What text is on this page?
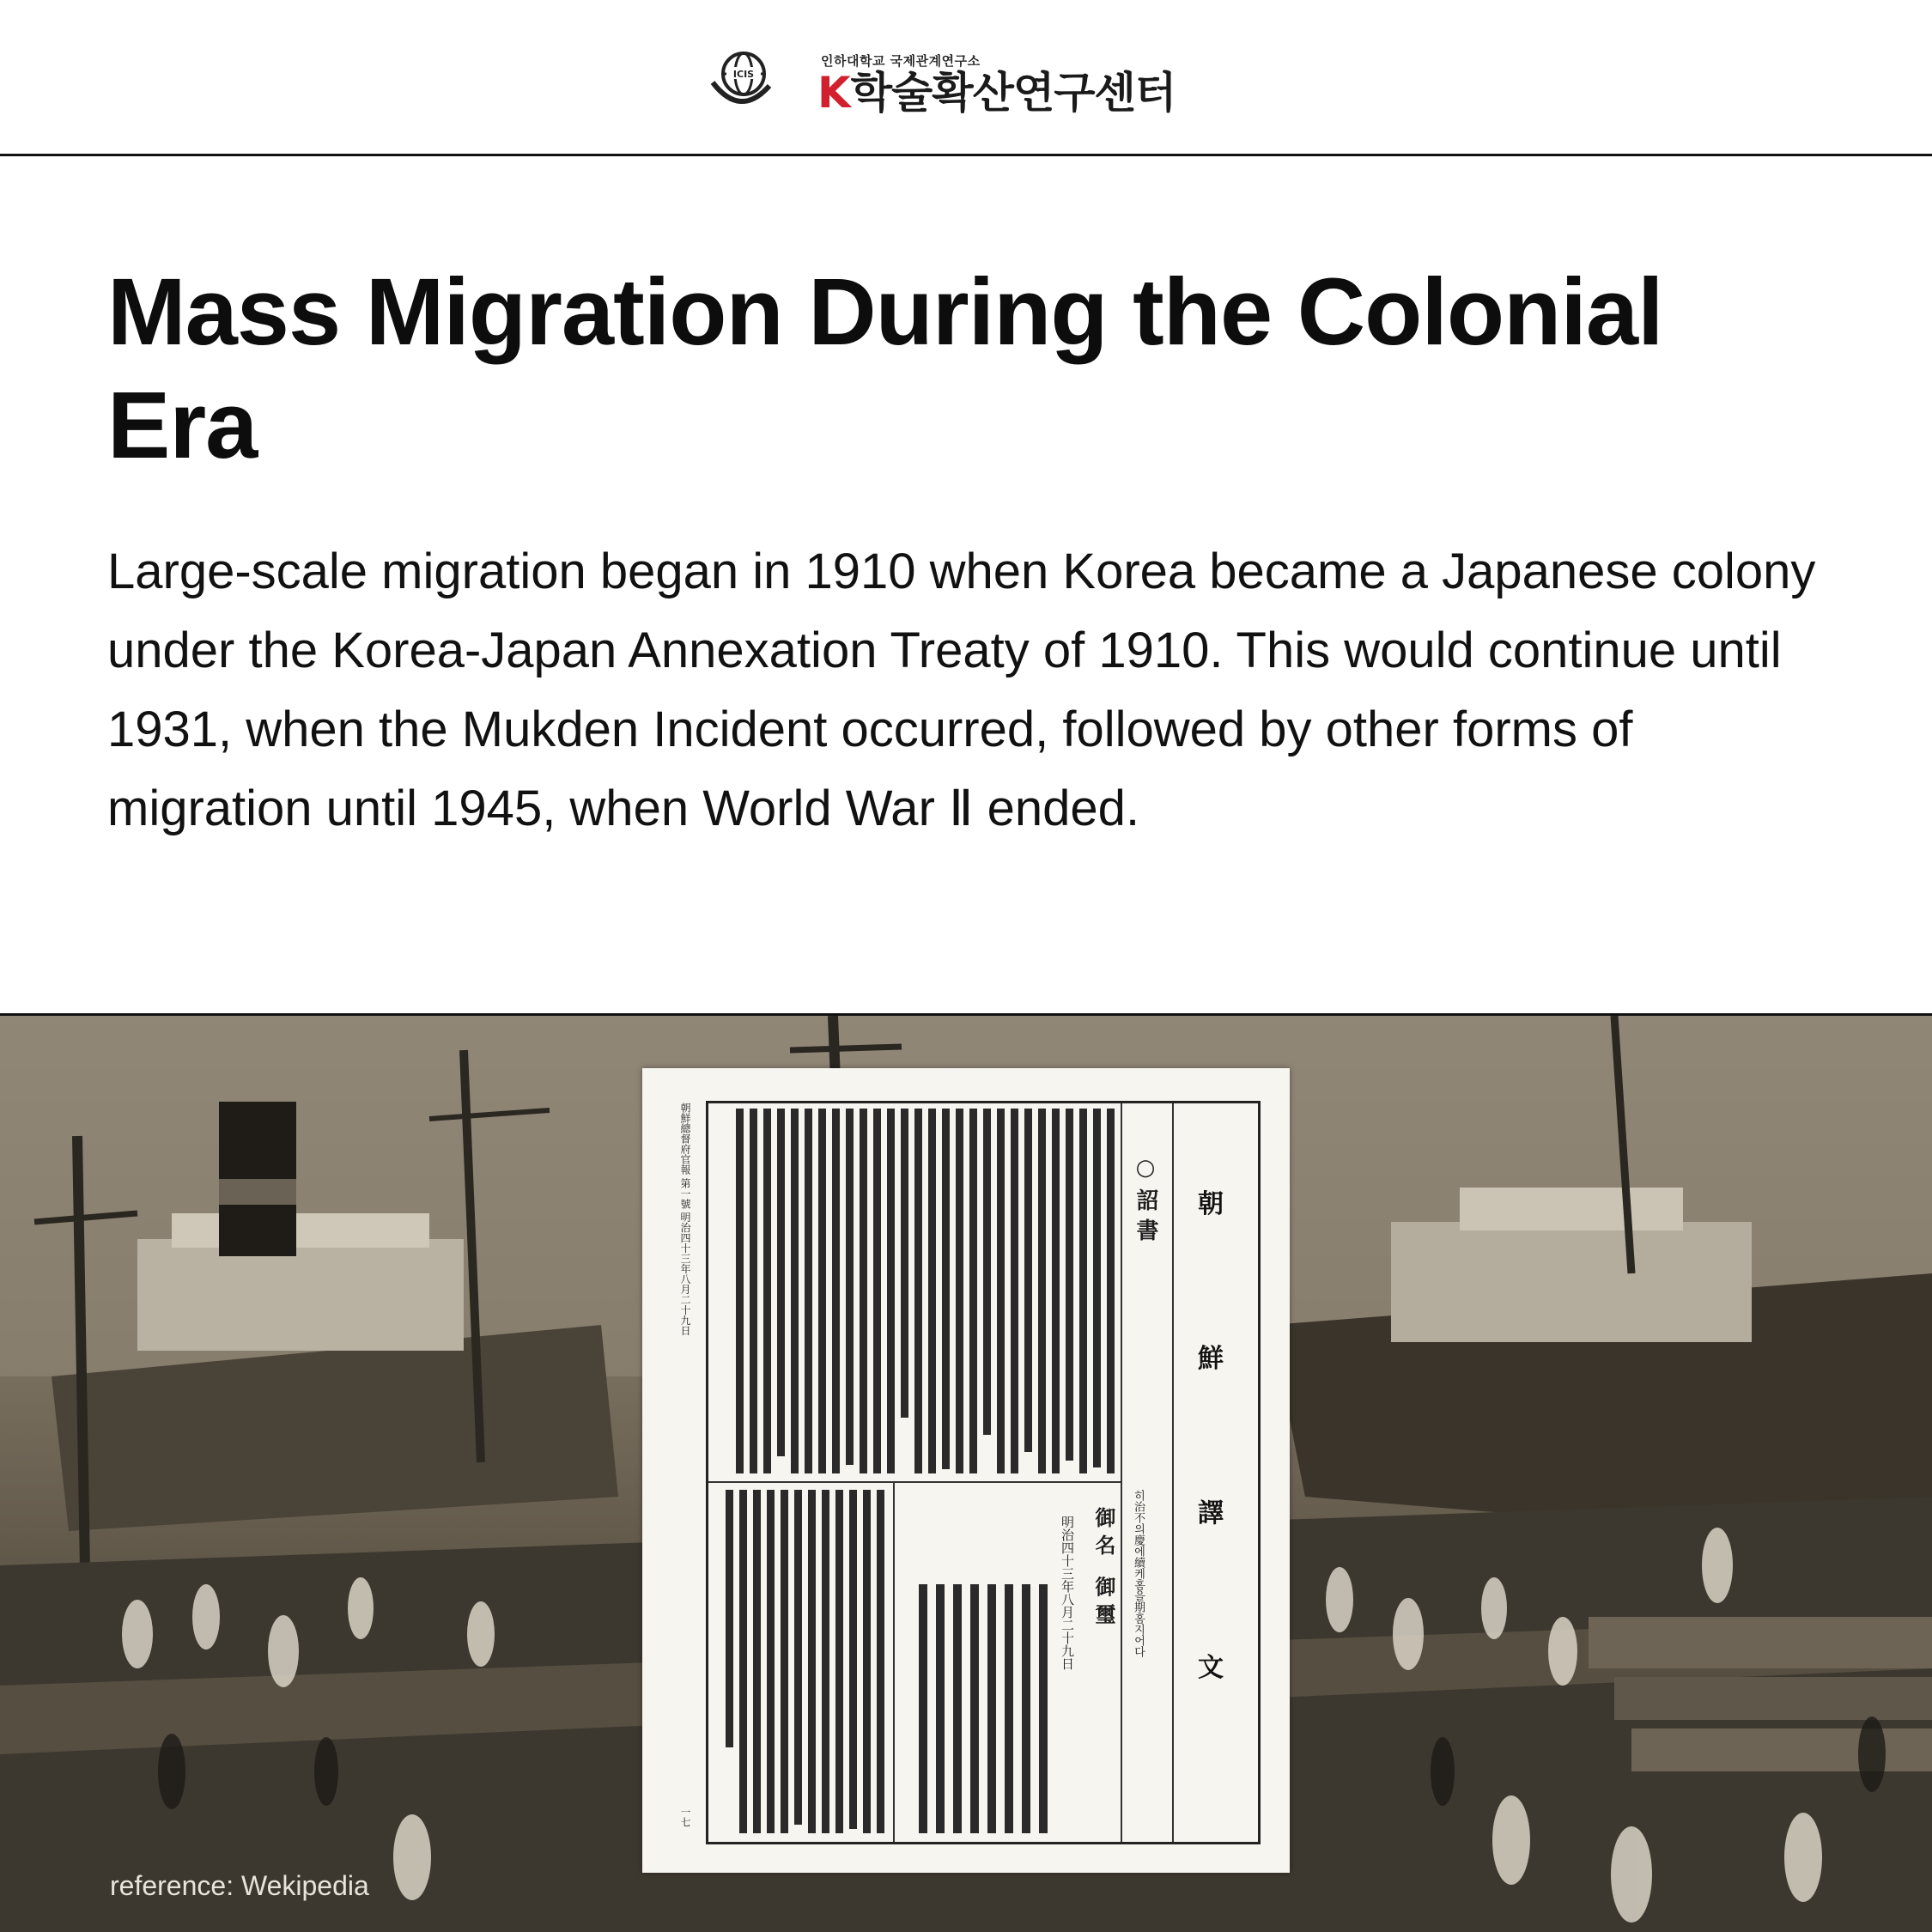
ICIS
인하대학교 국제관계연구소
K학술확산연구센터
Mass Migration During the Colonial Era

Large-scale migration began in 1910 when Korea became a Japanese colony under the Korea-Japan Annexation Treaty of 1910. This would continue until 1931, when the Mukden Incident occurred, followed by other forms of migration until 1945, when World War Ⅱ ended.

朝
鮮
譯
文
○ 詔 書
히治不의慶에續케홈을期홈지어다
御名 御璽
明治四十三年八月二十九日
朝鮮總督府官報 第一號 明治四十三年八月二十九日
一七
reference: Wekipedia
